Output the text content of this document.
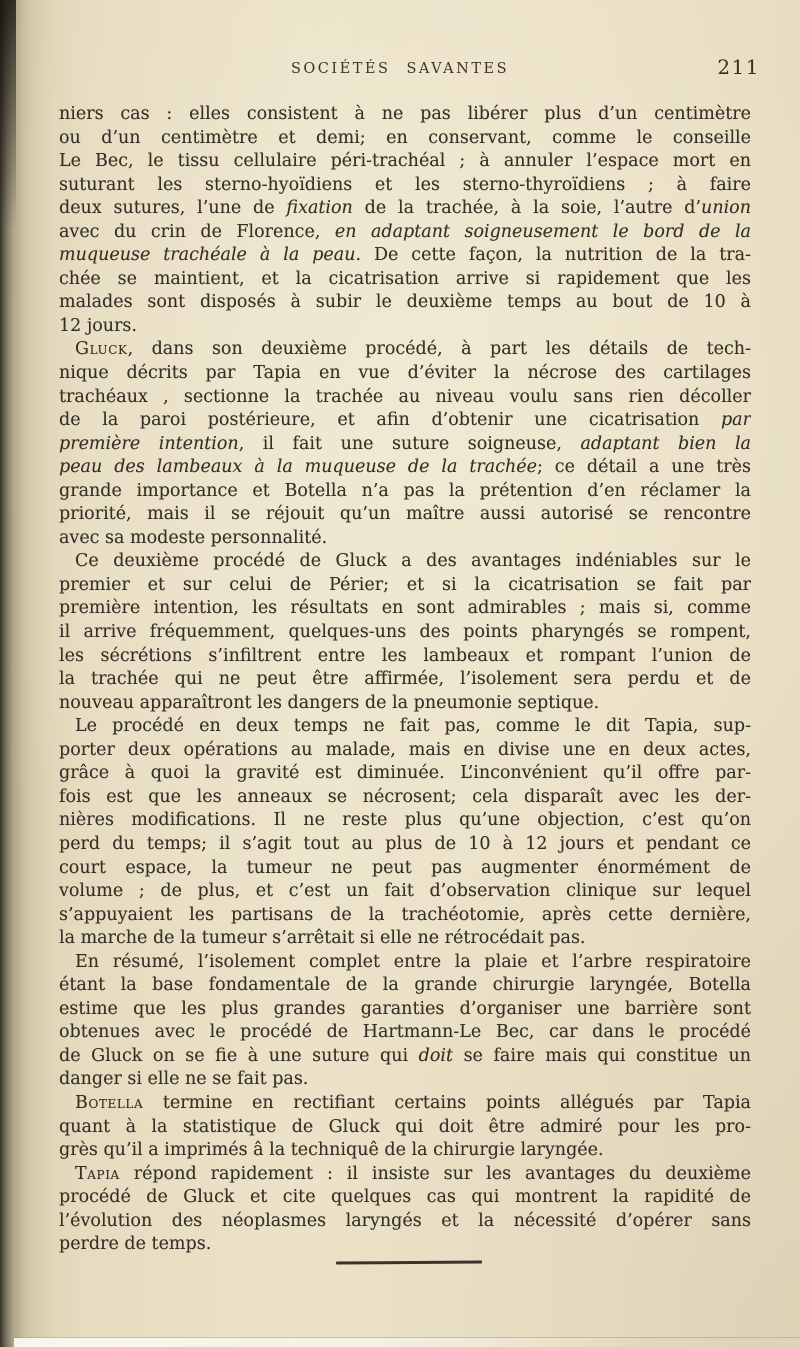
SOCIÉTÉS SAVANTES	211
niers cas : elles consistent à ne pas libérer plus d’un centimètre
ou d’un centimètre et demi; en conservant, comme le conseille
Le Bec, le tissu cellulaire péri-trachéal ; à annuler l’espace mort en
suturant les sterno-hyoïdiens et les sterno-thyroïdiens ; à faire
deux sutures, l’une de fixation de la trachée, à la soie, l’autre d’union
avec du crin de Florence, en adaptant soigneusement le bord de la
muqueuse trachéale à la peau. De cette façon, la nutrition de la tra-
chée se maintient, et la cicatrisation arrive si rapidement que les
malades sont disposés à subir le deuxième temps au bout de 10 à
12 jours.
Gluck, dans son deuxième procédé, à part les détails de tech-
nique décrits par Tapia en vue d’éviter la nécrose des cartilages
trachéaux , sectionne la trachée au niveau voulu sans rien décoller
de la paroi postérieure, et afin d’obtenir une cicatrisation par
première intention, il fait une suture soigneuse, adaptant bien la
peau des lambeaux à la muqueuse de la trachée; ce détail a une très
grande importance et Botella n’a pas la prétention d’en réclamer la
priorité, mais il se réjouit qu’un maître aussi autorisé se rencontre
avec sa modeste personnalité.
Ce deuxième procédé de Gluck a des avantages indéniables sur le
premier et sur celui de Périer; et si la cicatrisation se fait par
première intention, les résultats en sont admirables ; mais si, comme
il arrive fréquemment, quelques-uns des points pharyngés se rompent,
les sécrétions s’infiltrent entre les lambeaux et rompant l’union de
la trachée qui ne peut être affirmée, l’isolement sera perdu et de
nouveau apparaîtront les dangers de la pneumonie septique.
Le procédé en deux temps ne fait pas, comme le dit Tapia, sup-
porter deux opérations au malade, mais en divise une en deux actes,
grâce à quoi la gravité est diminuée. L’inconvénient qu’il offre par-
fois est que les anneaux se nécrosent; cela disparaît avec les der-
nières modifications. Il ne reste plus qu’une objection, c’est qu’on
perd du temps; il s’agit tout au plus de 10 à 12 jours et pendant ce
court espace, la tumeur ne peut pas augmenter énormément de
volume ; de plus, et c’est un fait d’observation clinique sur lequel
s’appuyaient les partisans de la trachéotomie, après cette dernière,
la marche de la tumeur s’arrêtait si elle ne rétrocédait pas.
En résumé, l’isolement complet entre la plaie et l’arbre respiratoire
étant la base fondamentale de la grande chirurgie laryngée, Botella
estime que les plus grandes garanties d’organiser une barrière sont
obtenues avec le procédé de Hartmann-Le Bec, car dans le procédé
de Gluck on se fie à une suture qui doit se faire mais qui constitue un
danger si elle ne se fait pas.
Botella termine en rectifiant certains points allégués par Tapia
quant à la statistique de Gluck qui doit être admiré pour les pro-
grès qu’il a imprimés â la techniquê de la chirurgie laryngée.
Tapia répond rapidement : il insiste sur les avantages du deuxième
procédé de Gluck et cite quelques cas qui montrent la rapidité de
l’évolution des néoplasmes laryngés et la nécessité d’opérer sans
perdre de temps.
